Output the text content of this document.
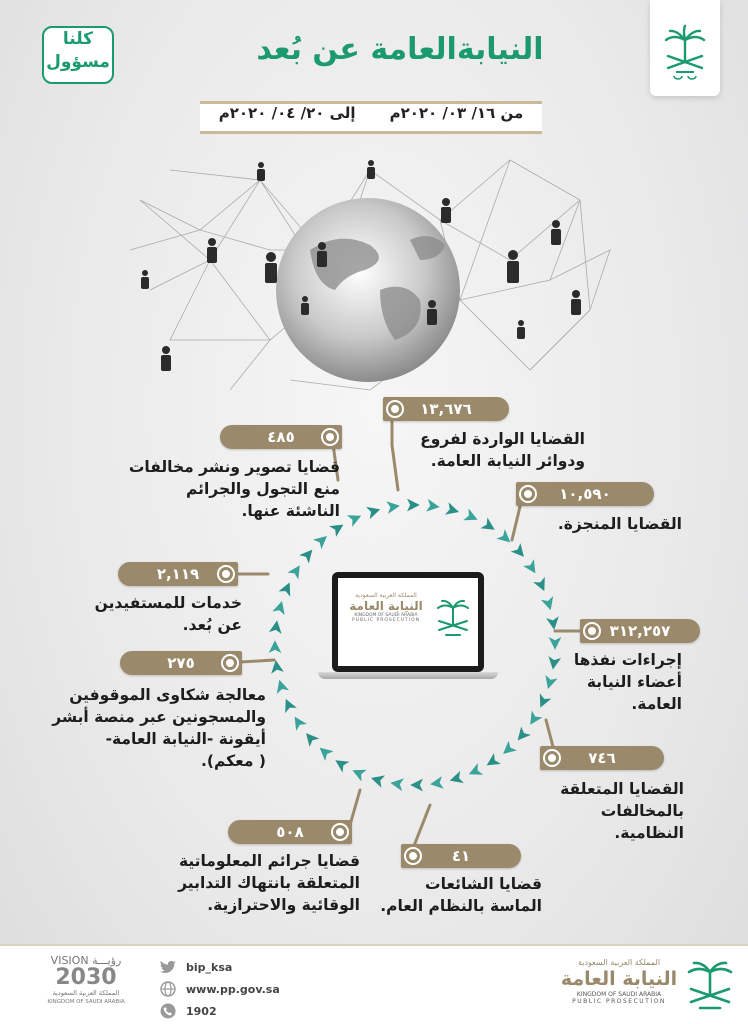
كلنا
مسؤول	النيابةالعامة عن بُعد
من ١٦/ ٠٣/ ٢٠٢٠مإلى ٢٠/ ٠٤/ ٢٠٢٠م
المملكة العربية السعودية
النيابة العامة
KINGDOM OF SAUDI ARABIA
PUBLIC PROSECUTION
١٣,٦٧٦
القضايا الواردة لفروع
ودوائر النيابة العامة.
١٠,٥٩٠
القضايا المنجزة.
٣١٢,٢٥٧
إجراءات نفذها
أعضاء النيابة
العامة.
٧٤٦
القضايا المتعلقة
بالمخالفات
النظامية.
٤١
قضايا الشائعات
الماسة بالنظام العام.
٥٠٨
قضايا جرائم المعلوماتية
المتعلقة بانتهاك التدابير
الوقائية والاحترازية.
٢٧٥
معالجة شكاوى الموقوفين
والمسجونين عبر منصة أبشر
أيقونة -النيابة العامة-
( معكم).
٢,١١٩
خدمات للمستفيدين
عن بُعد.
٤٨٥
قضايا تصوير ونشر مخالفات
منع التجول والجرائم
الناشئة عنها.
VISION رؤيـــة
2030
المملكة العربية السعودية
KINGDOM OF SAUDI ARABIA
bip_ksa
www.pp.gov.sa
1902
المملكة العربية السعودية
النيابة العامة
KINGDOM OF SAUDI ARABIA
PUBLIC PROSECUTION
